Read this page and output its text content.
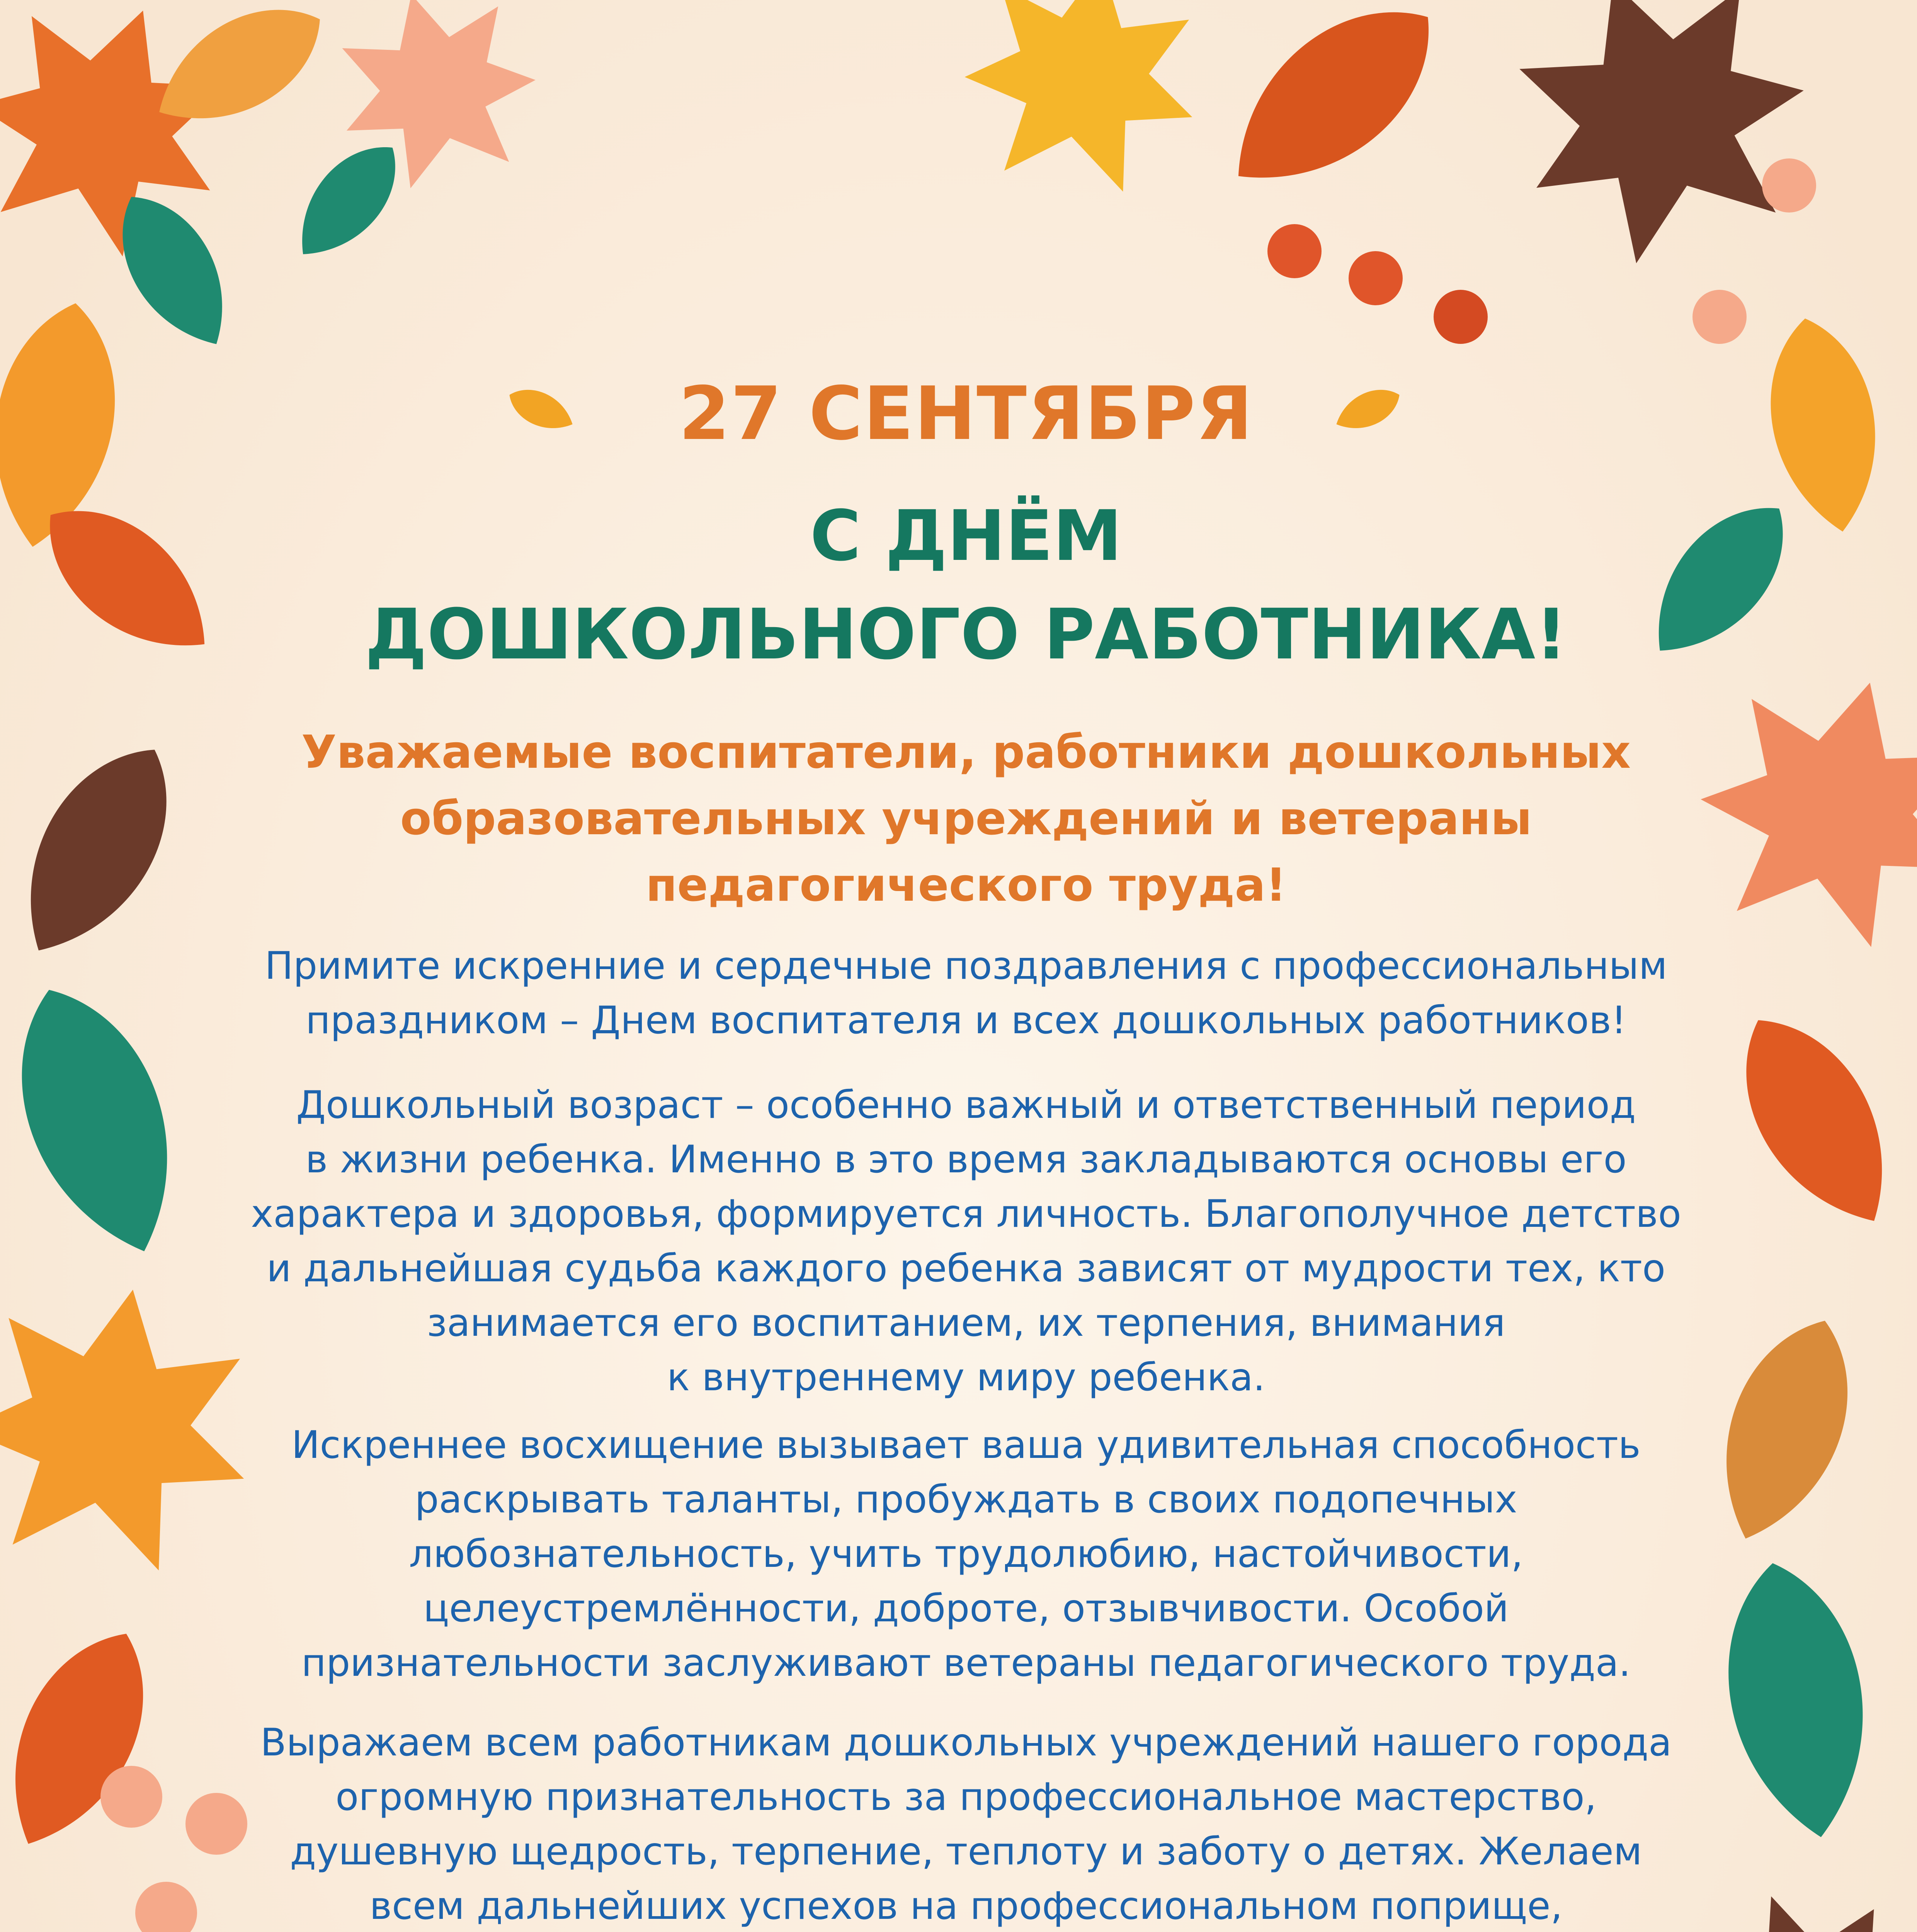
27 СЕНТЯБРЯ
С ДНЁМ
ДОШКОЛЬНОГО РАБОТНИКА!
Уважаемые воспитатели, работники дошкольных
образовательных учреждений и ветераны
педагогического труда!
Примите искренние и сердечные поздравления с профессиональным
праздником – Днем воспитателя и всех дошкольных работников!
Дошкольный возраст – особенно важный и ответственный период
в жизни ребенка. Именно в это время закладываются основы его
характера и здоровья, формируется личность. Благополучное детство
и дальнейшая судьба каждого ребенка зависят от мудрости тех, кто
занимается его воспитанием, их терпения, внимания
к внутреннему миру ребенка.
Искреннее восхищение вызывает ваша удивительная способность
раскрывать таланты, пробуждать в своих подопечных
любознательность, учить трудолюбию, настойчивости,
целеустремлённости, доброте, отзывчивости. Особой
признательности заслуживают ветераны педагогического труда.
Выражаем всем работникам дошкольных учреждений нашего города
огромную признательность за профессиональное мастерство,
душевную щедрость, терпение, теплоту и заботу о детях. Желаем
всем дальнейших успехов на профессиональном поприще,
